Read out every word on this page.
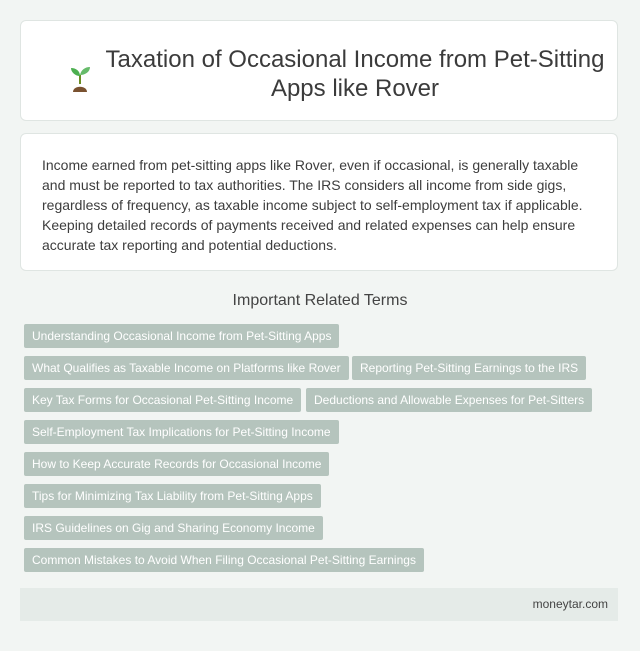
Taxation of Occasional Income from Pet-Sitting Apps like Rover
Income earned from pet-sitting apps like Rover, even if occasional, is generally taxable and must be reported to tax authorities. The IRS considers all income from side gigs, regardless of frequency, as taxable income subject to self-employment tax if applicable. Keeping detailed records of payments received and related expenses can help ensure accurate tax reporting and potential deductions.
Important Related Terms
Understanding Occasional Income from Pet-Sitting Apps
What Qualifies as Taxable Income on Platforms like Rover	Reporting Pet-Sitting Earnings to the IRS
Key Tax Forms for Occasional Pet-Sitting Income	Deductions and Allowable Expenses for Pet-Sitters
Self-Employment Tax Implications for Pet-Sitting Income
How to Keep Accurate Records for Occasional Income
Tips for Minimizing Tax Liability from Pet-Sitting Apps
IRS Guidelines on Gig and Sharing Economy Income
Common Mistakes to Avoid When Filing Occasional Pet-Sitting Earnings
moneytar.com
